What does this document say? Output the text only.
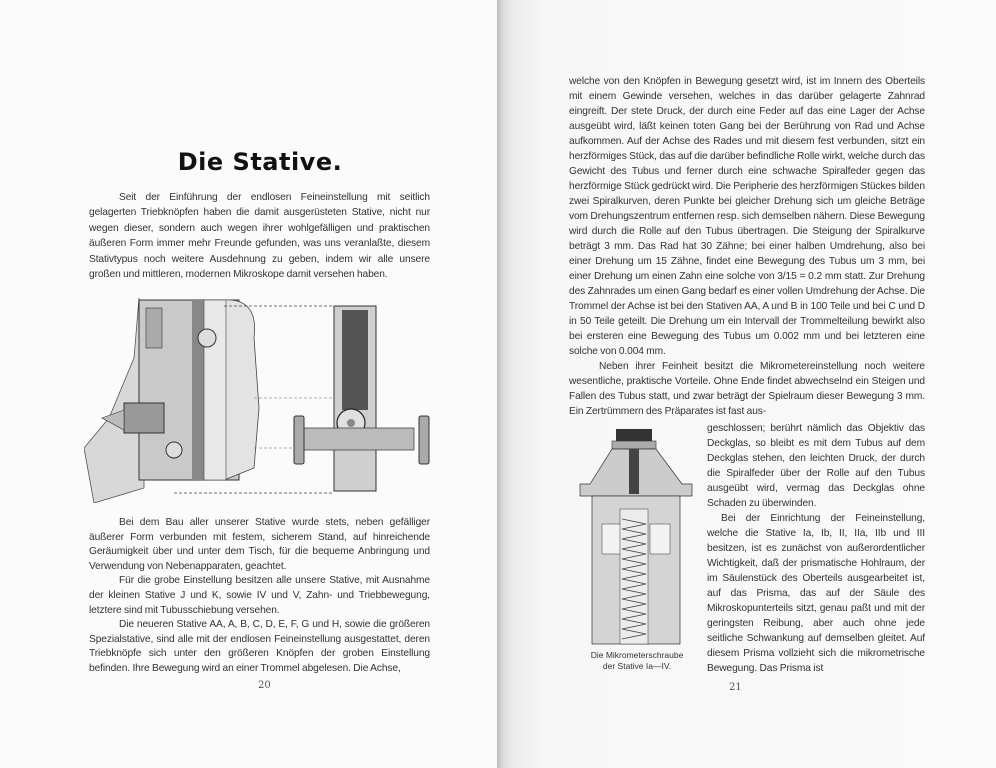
Die Stative.

Seit der Einführung der endlosen Feineinstellung mit seitlich gelagerten Triebknöpfen haben die damit ausgerüsteten Stative, nicht nur wegen dieser, sondern auch wegen ihrer wohlgefälligen und praktischen äußeren Form immer mehr Freunde gefunden, was uns veranlaßte, diesem Stativtypus noch weitere Ausdehnung zu geben, indem wir alle unsere großen und mittleren, modernen Mikroskope damit versehen haben.

Bei dem Bau aller unserer Stative wurde stets, neben gefälliger äußerer Form verbunden mit festem, sicherem Stand, auf hinreichende Geräumigkeit über und unter dem Tisch, für die bequeme Anbringung und Verwendung von Nebenapparaten, geachtet.

Für die grobe Einstellung besitzen alle unsere Stative, mit Ausnahme der kleinen Stative J und K, sowie IV und V, Zahn- und Triebbewegung, letztere sind mit Tubusschiebung versehen.

Die neueren Stative AA, A, B, C, D, E, F, G und H, sowie die größeren Spezialstative, sind alle mit der endlosen Feineinstellung ausgestattet, deren Triebknöpfe sich unter den größeren Knöpfen der groben Einstellung befinden. Ihre Bewegung wird an einer Trommel abgelesen. Die Achse,

20

welche von den Knöpfen in Bewegung gesetzt wird, ist im Innern des Oberteils mit einem Gewinde versehen, welches in das darüber gelagerte Zahnrad eingreift. Der stete Druck, der durch eine Feder auf das eine Lager der Achse ausgeübt wird, läßt keinen toten Gang bei der Berührung von Rad und Achse aufkommen. Auf der Achse des Rades und mit diesem fest verbunden, sitzt ein herzförmiges Stück, das auf die darüber befindliche Rolle wirkt, welche durch das Gewicht des Tubus und ferner durch eine schwache Spiralfeder gegen das herzförmige Stück gedrückt wird. Die Peripherie des herzförmigen Stückes bilden zwei Spiralkurven, deren Punkte bei gleicher Drehung sich um gleiche Beträge vom Drehungszentrum entfernen resp. sich demselben nähern. Diese Bewegung wird durch die Rolle auf den Tubus übertragen. Die Steigung der Spiralkurve beträgt 3 mm. Das Rad hat 30 Zähne; bei einer halben Umdrehung, also bei einer Drehung um 15 Zähne, findet eine Bewegung des Tubus um 3 mm, bei einer Drehung um einen Zahn eine solche von 3/15 = 0.2 mm statt. Zur Drehung des Zahnrades um einen Gang bedarf es einer vollen Umdrehung der Achse. Die Trommel der Achse ist bei den Stativen AA, A und B in 100 Teile und bei C und D in 50 Teile geteilt. Die Drehung um ein Intervall der Trommelteilung bewirkt also bei ersteren eine Bewegung des Tubus um 0.002 mm und bei letzteren eine solche von 0.004 mm.

Neben ihrer Feinheit besitzt die Mikrometereinstellung noch weitere wesentliche, praktische Vorteile. Ohne Ende findet abwechselnd ein Steigen und Fallen des Tubus statt, und zwar beträgt der Spielraum dieser Bewegung 3 mm. Ein Zertrümmern des Präparates ist fast aus-

Die Mikrometerschraube
der Stative Ia—IV.

geschlossen; berührt nämlich das Objektiv das Deckglas, so bleibt es mit dem Tubus auf dem Deckglas stehen, den leichten Druck, der durch die Spiralfeder über der Rolle auf den Tubus ausgeübt wird, vermag das Deckglas ohne Schaden zu überwinden.

Bei der Einrichtung der Feineinstellung, welche die Stative Ia, Ib, II, IIa, IIb und III besitzen, ist es zunächst von außerordentlicher Wichtigkeit, daß der prismatische Hohlraum, der im Säulenstück des Oberteils ausgearbeitet ist, auf das Prisma, das auf der Säule des Mikroskopunterteils sitzt, genau paßt und mit der geringsten Reibung, aber auch ohne jede seitliche Schwankung auf demselben gleitet. Auf diesem Prisma vollzieht sich die mikrometrische Bewegung. Das Prisma ist

21
